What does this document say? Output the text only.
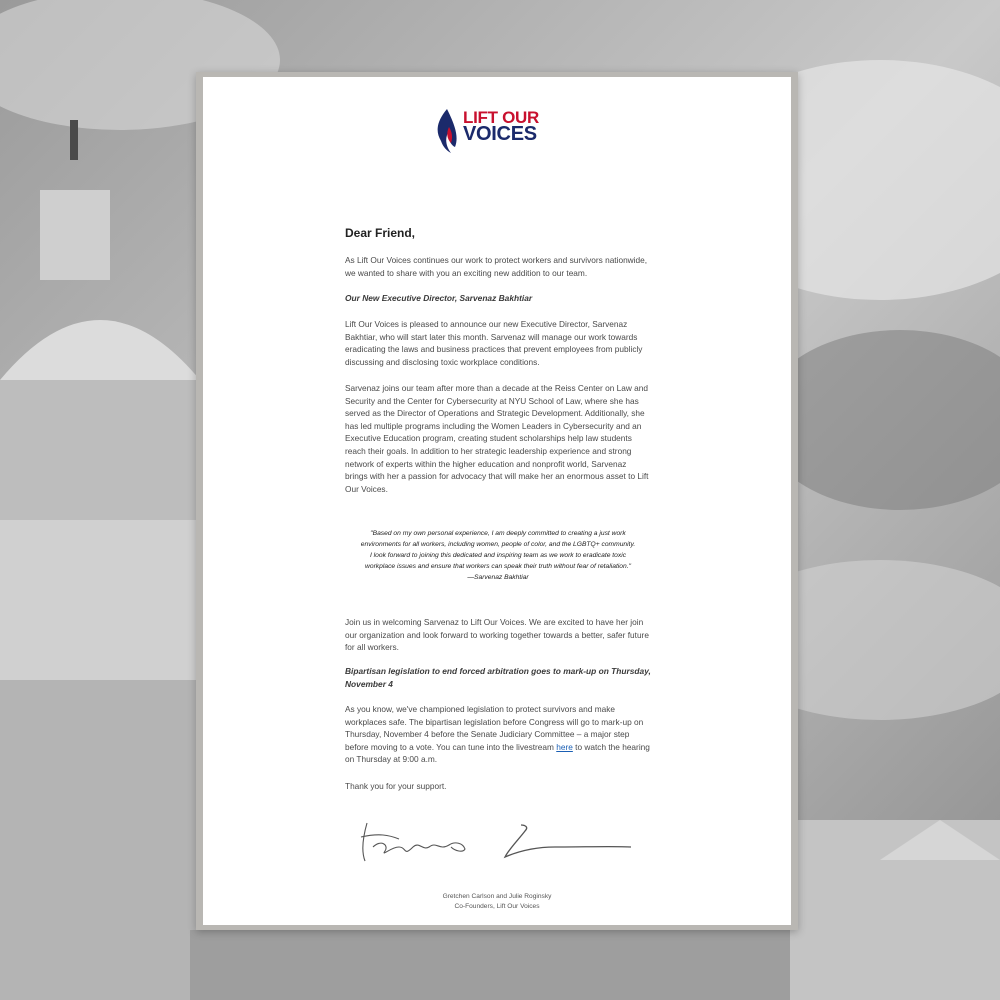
LIFT OUR
VOICES
Dear Friend,

As Lift Our Voices continues our work to protect workers and survivors nationwide, we wanted to share with you an exciting new addition to our team.

Our New Executive Director, Sarvenaz Bakhtiar

Lift Our Voices is pleased to announce our new Executive Director, Sarvenaz Bakhtiar, who will start later this month. Sarvenaz will manage our work towards eradicating the laws and business practices that prevent employees from publicly discussing and disclosing toxic workplace conditions.

Sarvenaz joins our team after more than a decade at the Reiss Center on Law and Security and the Center for Cybersecurity at NYU School of Law, where she has served as the Director of Operations and Strategic Development. Additionally, she has led multiple programs including the Women Leaders in Cybersecurity and an Executive Education program, creating student scholarships help law students reach their goals. In addition to her strategic leadership experience and strong network of experts within the higher education and nonprofit world, Sarvenaz brings with her a passion for advocacy that will make her an enormous asset to Lift Our Voices.

"Based on my own personal experience, I am deeply committed to creating a just work environments for all workers, including women, people of color, and the LGBTQ+ community. I look forward to joining this dedicated and inspiring team as we work to eradicate toxic workplace issues and ensure that workers can speak their truth without fear of retaliation."
—Sarvenaz Bakhtiar

Join us in welcoming Sarvenaz to Lift Our Voices. We are excited to have her join our organization and look forward to working together towards a better, safer future for all workers.

Bipartisan legislation to end forced arbitration goes to mark-up on Thursday, November 4

As you know, we've championed legislation to protect survivors and make workplaces safe. The bipartisan legislation before Congress will go to mark-up on Thursday, November 4 before the Senate Judiciary Committee – a major step before moving to a vote. You can tune into the livestream here to watch the hearing on Thursday at 9:00 a.m.

Thank you for your support.

Gretchen Carlson and Julie Roginsky
Co-Founders, Lift Our Voices
